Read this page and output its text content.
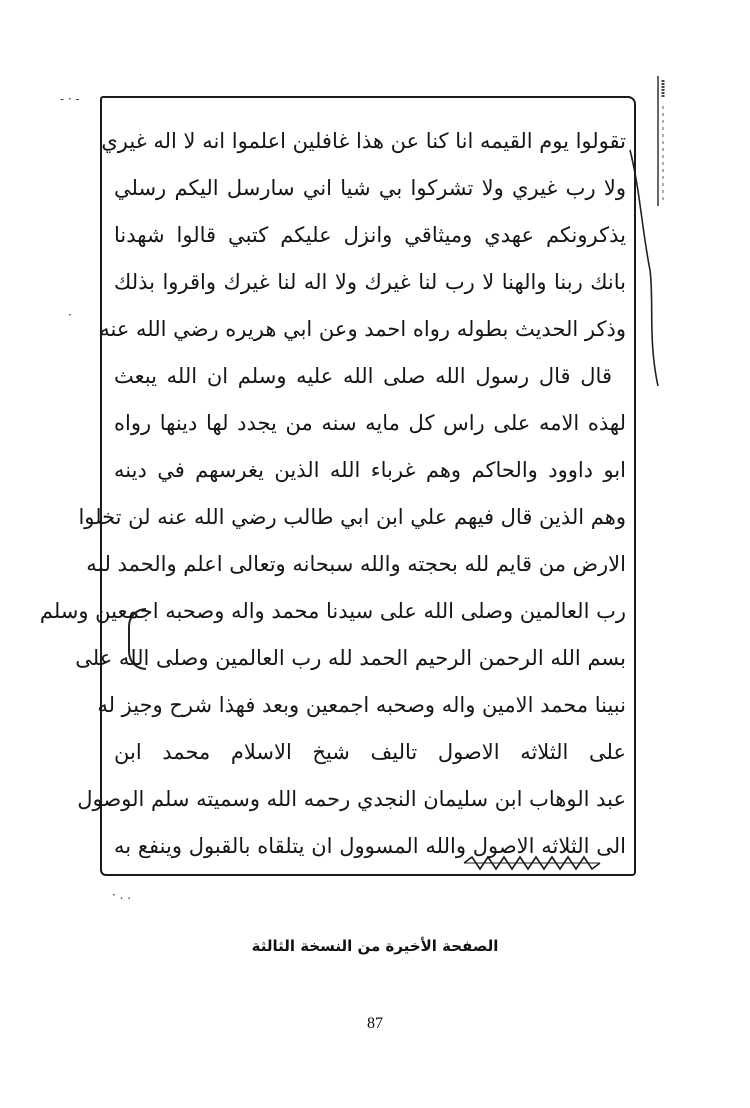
- · -
·
· . .
تقولوا يوم القيمه انا كنا عن هذا غافلين اعلموا انه لا اله غيري
ولا رب غيري ولا تشركوا بي شيا اني سارسل اليكم رسلي
يذكرونكم عهدي وميثاقي وانزل عليكم كتبي قالوا شهدنا
بانك ربنا والهنا لا رب لنا غيرك ولا اله لنا غيرك واقروا بذلك
وذكر الحديث بطوله رواه احمد وعن ابي هريره رضي الله عنه
قال قال رسول الله صلى الله عليه وسلم ان الله يبعث
لهذه الامه على راس كل مايه سنه من يجدد لها دينها رواه
ابو داوود والحاكم وهم غرباء الله الذين يغرسهم في دينه
وهم الذين قال فيهم علي ابن ابي طالب رضي الله عنه لن تخلوا
الارض من قايم لله بحجته والله سبحانه وتعالى اعلم والحمد لله
رب العالمين وصلى الله على سيدنا محمد واله وصحبه اجمعين وسلم
بسم الله الرحمن الرحيم الحمد لله رب العالمين وصلى الله على
نبينا محمد الامين واله وصحبه اجمعين وبعد فهذا شرح وجيز له
على الثلاثه الاصول تاليف شيخ الاسلام محمد ابن
عبد الوهاب ابن سليمان النجدي رحمه الله وسميته سلم الوصول
الى الثلاثه الاصول والله المسوول ان يتلقاه بالقبول وينفع به
الصفحة الأخيرة من النسخة الثالثة
87
